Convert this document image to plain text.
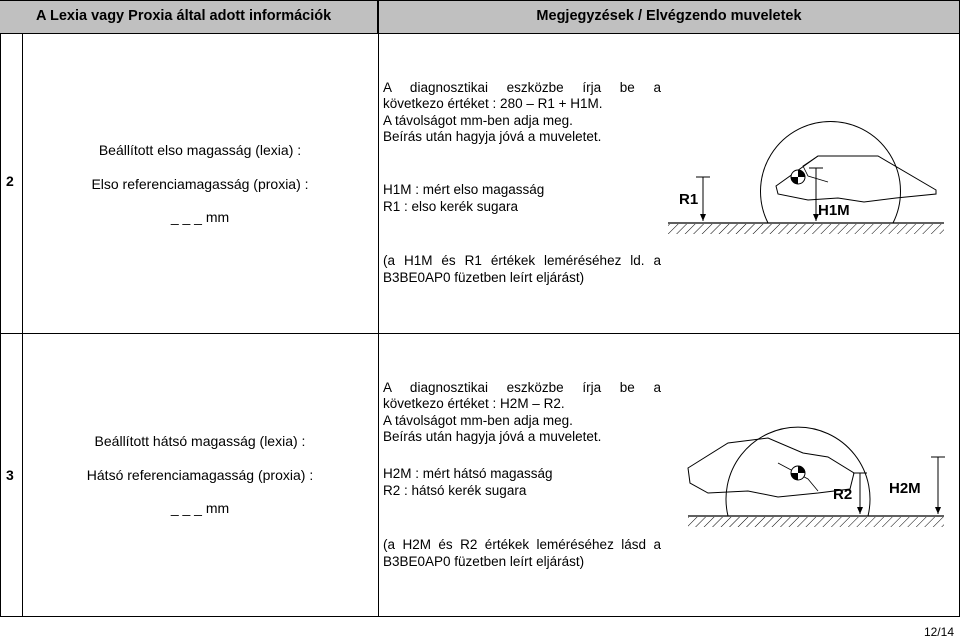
A Lexia vagy Proxia által adott információk	Megjegyzések / Elvégzendo muveletek
2
Beállított elso magasság (lexia) :
Elso referenciamagasság (proxia) :
_ _ _ mm
A diagnosztikai eszközbe írja be a
következo értéket : 280 – R1 + H1M.
A távolságot mm-ben adja meg.
Beírás után hagyja jóvá a muveletet.
H1M : mért elso magasság
R1 : elso kerék sugara
(a H1M és R1 értékek leméréséhez ld. a
B3BE0AP0 füzetben leírt eljárást)
R1
H1M
3
Beállított hátsó magasság (lexia) :
Hátsó referenciamagasság (proxia) :
_ _ _ mm
A diagnosztikai eszközbe írja be a
következo értéket : H2M – R2.
A távolságot mm-ben adja meg.
Beírás után hagyja jóvá a muveletet.
H2M : mért hátsó magasság
R2 : hátsó kerék sugara
(a H2M és R2 értékek leméréséhez lásd a
B3BE0AP0 füzetben leírt eljárást)
R2 H2M
12/14
